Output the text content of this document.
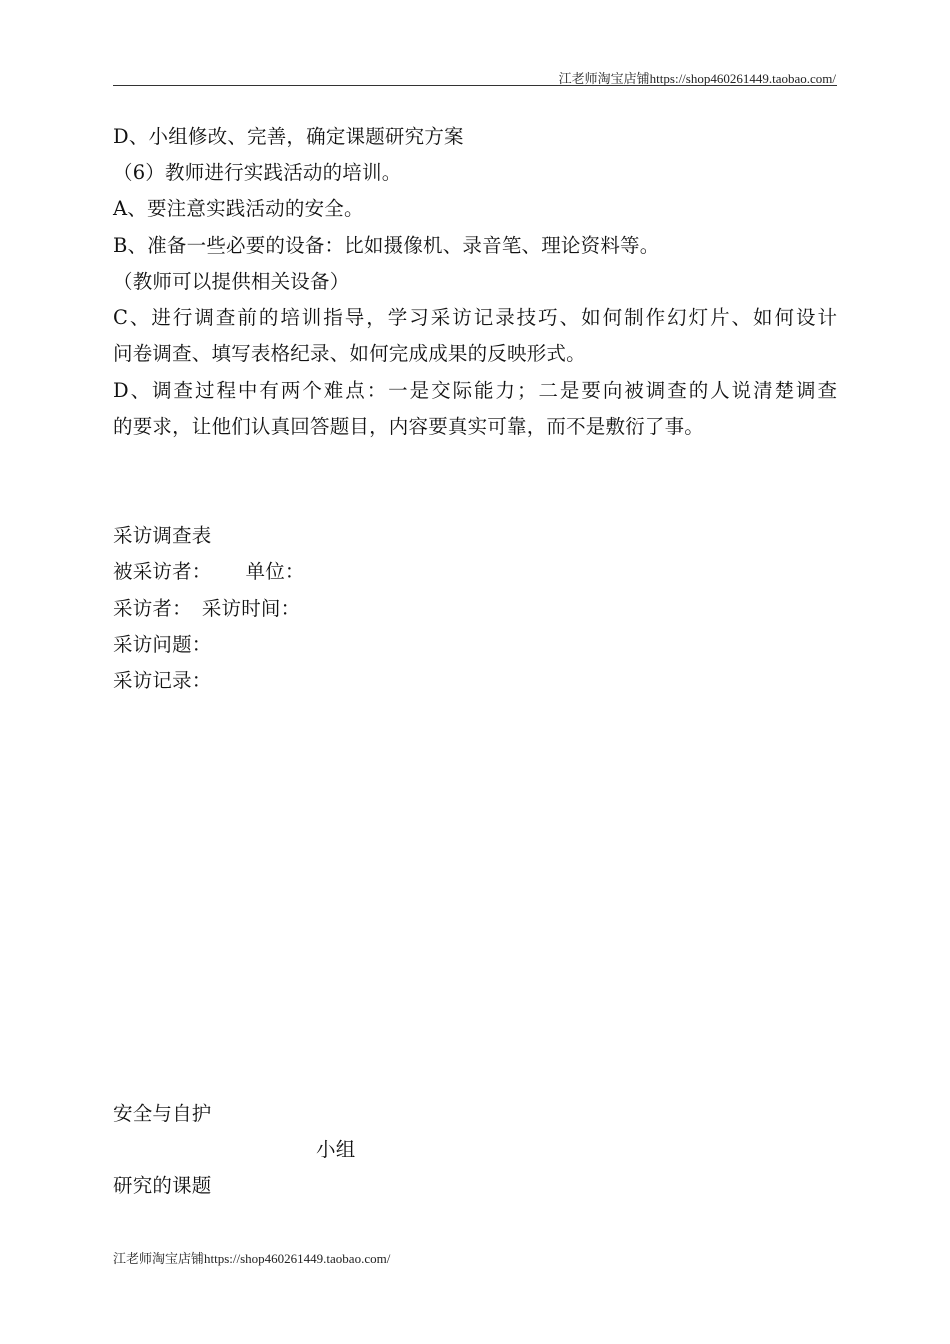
江老师淘宝店铺https://shop460261449.taobao.com/
D、小组修改、完善，确定课题研究方案
（6）教师进行实践活动的培训。
A、要注意实践活动的安全。
B、准备一些必要的设备：比如摄像机、录音笔、理论资料等。
（教师可以提供相关设备）
C、进行调查前的培训指导，学习采访记录技巧、如何制作幻灯片、如何设计
问卷调查、填写表格纪录、如何完成成果的反映形式。
D、调查过程中有两个难点：一是交际能力；二是要向被调查的人说清楚调查
的要求，让他们认真回答题目，内容要真实可靠，而不是敷衍了事。
采访调查表
被采访者： 单位：
采访者： 采访时间：
采访问题：
采访记录：
安全与自护
小组
研究的课题
江老师淘宝店铺https://shop460261449.taobao.com/
